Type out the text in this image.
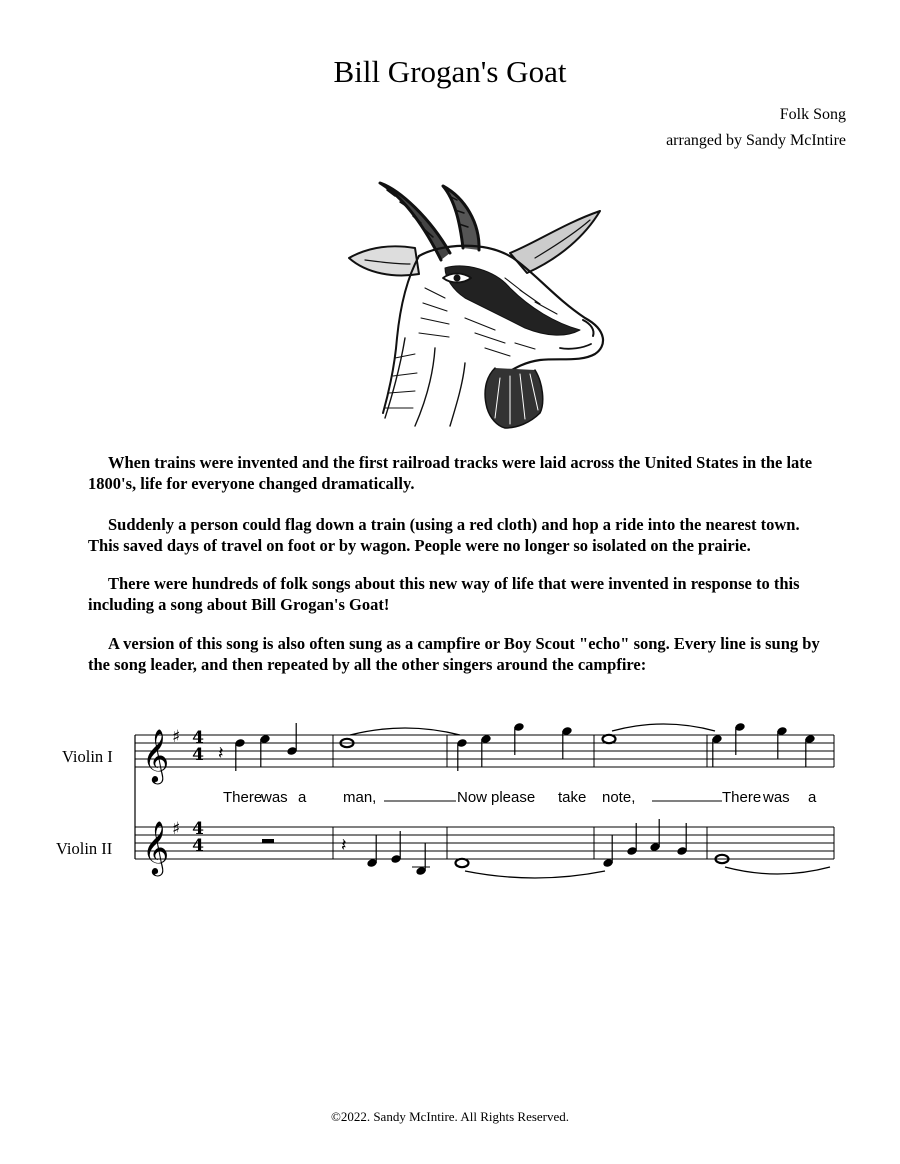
Bill Grogan's Goat
Folk Song
arranged by Sandy McIntire
When trains were invented and the first railroad tracks were laid across the United States in the late
1800's, life for everyone changed dramatically.
Suddenly a person could flag down a train (using a red cloth) and hop a ride into the nearest town.
This saved days of travel on foot or by wagon. People were no longer so isolated on the prairie.
There were hundreds of folk songs about this new way of life that were invented in response to this
including a song about Bill Grogan's Goat!
A version of this song is also often sung as a campfire or Boy Scout "echo" song. Every line is sung by
the song leader, and then repeated by all the other singers around the campfire:
Violin I
Violin II
𝄞 ♯
𝄞 ♯
𝄽
𝄽
4
4
4
4
There
was a man,	Now please take note,	There was a
©2022. Sandy McIntire. All Rights Reserved.
